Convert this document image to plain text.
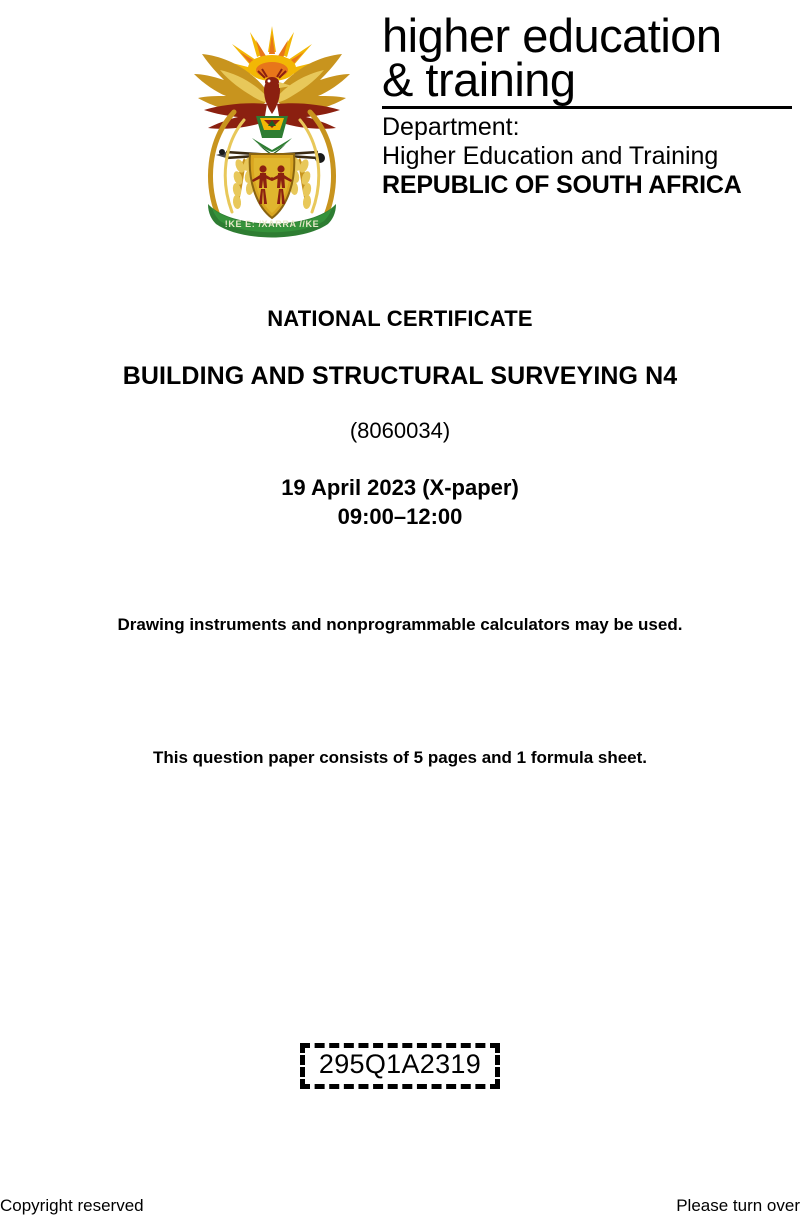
!KE E: /XARRA //KE
higher education
& training
Department:
Higher Education and Training
REPUBLIC OF SOUTH AFRICA
NATIONAL CERTIFICATE
BUILDING AND STRUCTURAL SURVEYING N4
(8060034)
19 April 2023 (X-paper)
09:00–12:00
Drawing instruments and nonprogrammable calculators may be used.
This question paper consists of 5 pages and 1 formula sheet.
295Q1A2319
Copyright reserved	Please turn over
